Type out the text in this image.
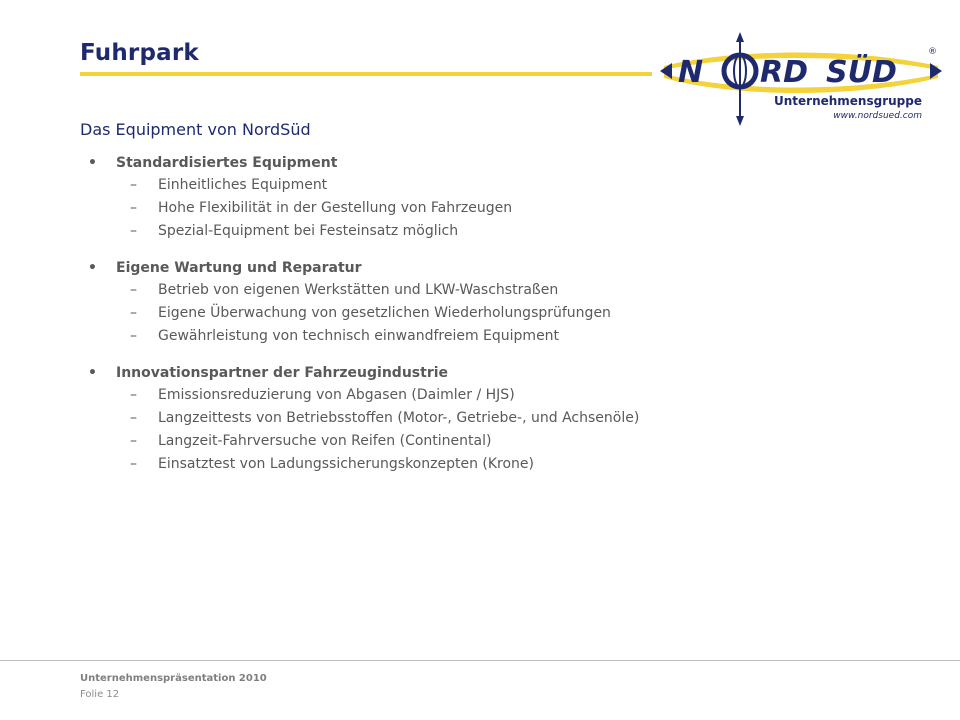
Fuhrpark
N RD SÜD
®
Unternehmensgruppe
www.nordsued.com
Das Equipment von NordSüd
• Standardisiertes Equipment
– Einheitliches Equipment
– Hohe Flexibilität in der Gestellung von Fahrzeugen
– Spezial-Equipment bei Festeinsatz möglich
• Eigene Wartung und Reparatur
– Betrieb von eigenen Werkstätten und LKW-Waschstraßen
– Eigene Überwachung von gesetzlichen Wiederholungsprüfungen
– Gewährleistung von technisch einwandfreiem Equipment
• Innovationspartner der Fahrzeugindustrie
– Emissionsreduzierung von Abgasen (Daimler / HJS)
– Langzeittests von Betriebsstoffen (Motor-, Getriebe-, und Achsenöle)
– Langzeit-Fahrversuche von Reifen (Continental)
– Einsatztest von Ladungssicherungskonzepten (Krone)
Unternehmenspräsentation 2010
Folie 12
